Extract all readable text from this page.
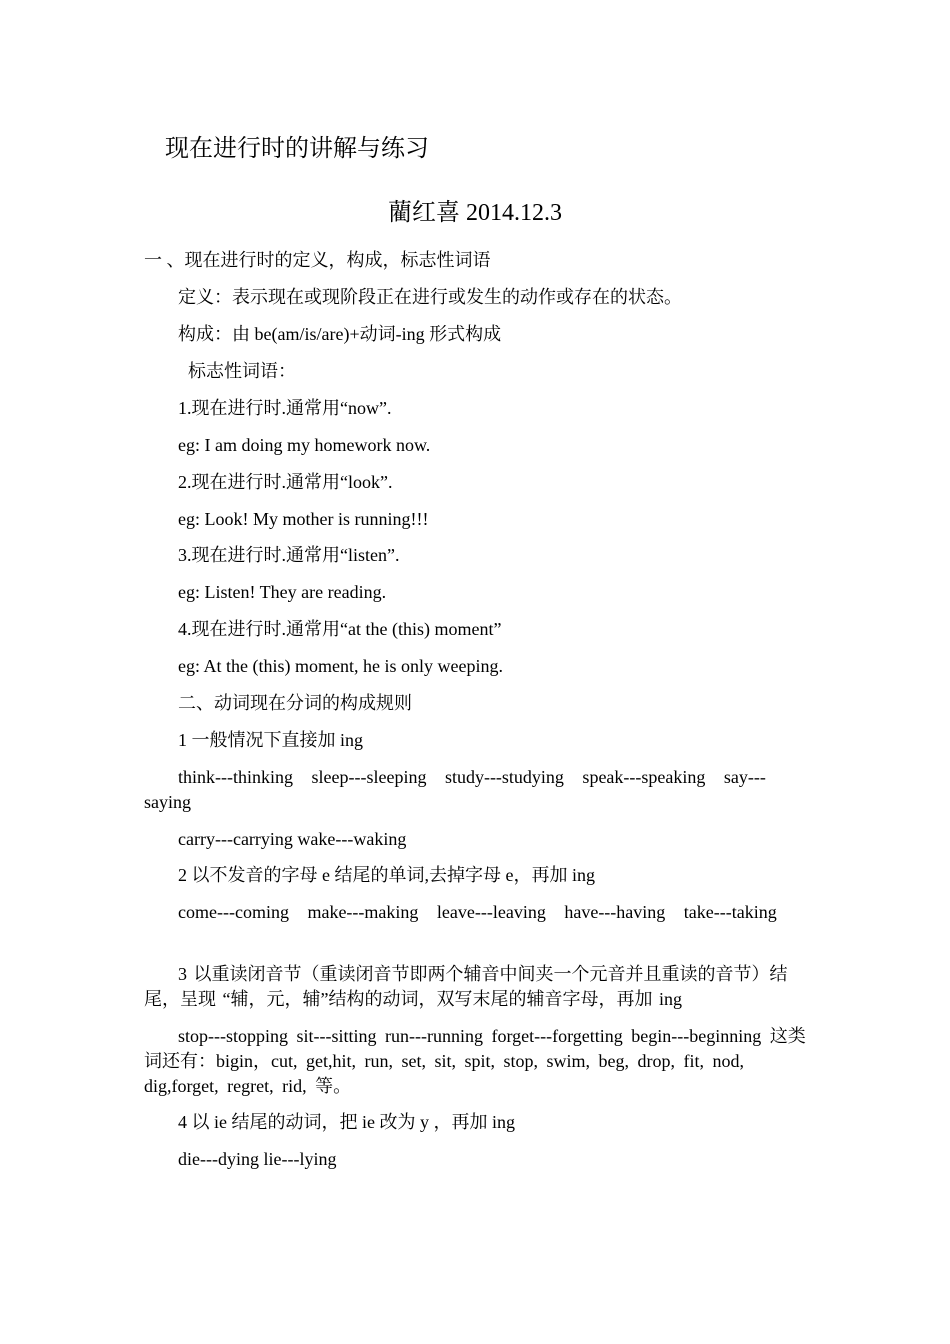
现在进行时的讲解与练习
藺红喜 2014.12.3
一 、现在进行时的定义，构成，标志性词语
定义：表示现在或现阶段正在进行或发生的动作或存在的状态。
构成：由 be(am/is/are)+动词-ing 形式构成
标志性词语：
1.现在进行时.通常用“now”.
eg: I am doing my homework now.
2.现在进行时.通常用“look”.
eg: Look! My mother is running!!!
3.现在进行时.通常用“listen”.
eg: Listen! They are reading.
4.现在进行时.通常用“at the (this) moment”
eg: At the (this) moment, he is only weeping.
二、动词现在分词的构成规则
1 一般情况下直接加 ing
think---thinking sleep---sleeping study---studying speak---speaking say---saying
carry---carrying wake---waking
2 以不发音的字母 e 结尾的单词,去掉字母 e，再加 ing
come---coming make---making leave---leaving have---having take---taking
3 以重读闭音节（重读闭音节即两个辅音中间夹一个元音并且重读的音节）结尾，呈现 “辅，元，辅”结构的动词，双写末尾的辅音字母，再加 ing
stop---stopping sit---sitting run---running forget---forgetting begin---beginning 这类词还有：bigin，cut, get,hit, run, set, sit, spit, stop, swim, beg, drop, fit, nod, dig,forget, regret, rid, 等。
4 以 ie 结尾的动词，把 ie 改为 y ，再加 ing
die---dying lie---lying
